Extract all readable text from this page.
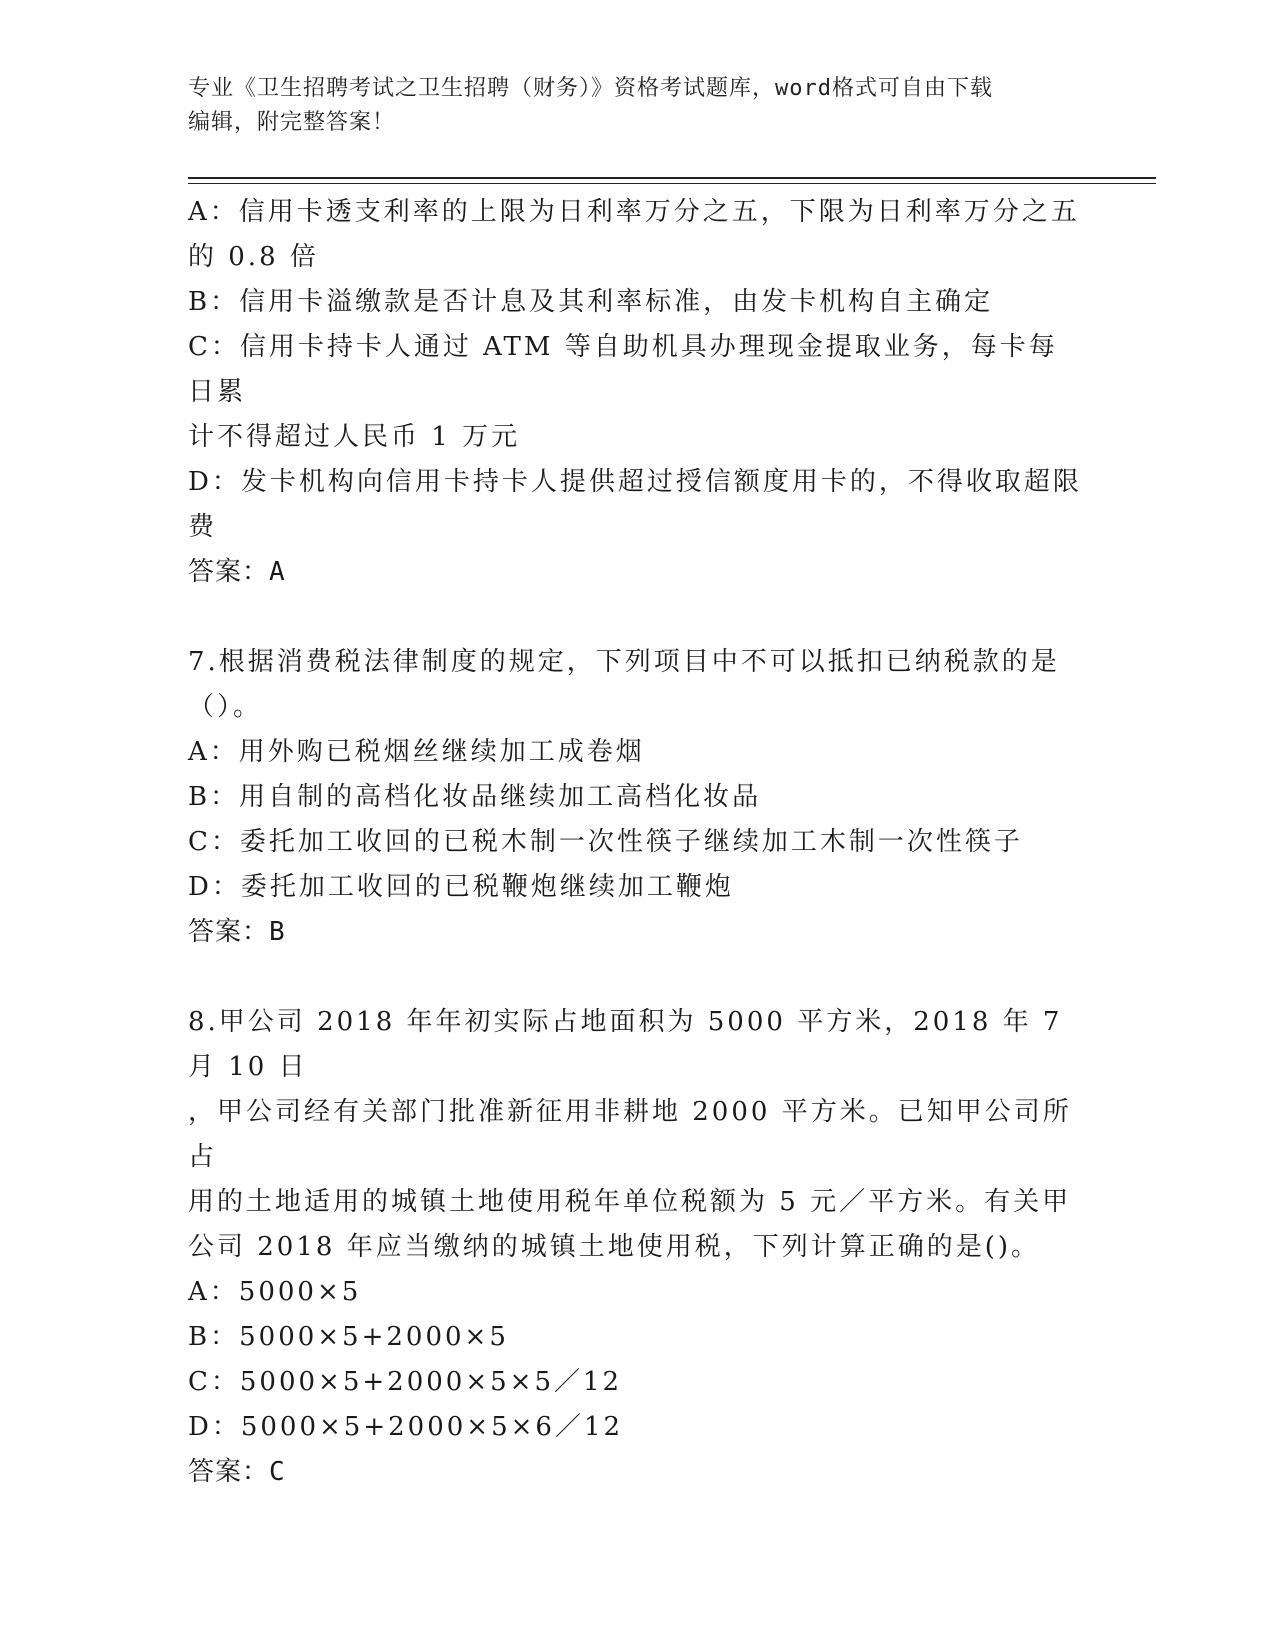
专业《卫生招聘考试之卫生招聘（财务）》资格考试题库，word格式可自由下载
编辑，附完整答案！
A：信用卡透支利率的上限为日利率万分之五，下限为日利率万分之五
的 0.8 倍
B：信用卡溢缴款是否计息及其利率标准，由发卡机构自主确定
C：信用卡持卡人通过 ATM 等自助机具办理现金提取业务，每卡每日累
计不得超过人民币 1 万元
D：发卡机构向信用卡持卡人提供超过授信额度用卡的，不得收取超限
费
答案：A
7.根据消费税法律制度的规定，下列项目中不可以抵扣已纳税款的是
（）。
A：用外购已税烟丝继续加工成卷烟
B：用自制的高档化妆品继续加工高档化妆品
C：委托加工收回的已税木制一次性筷子继续加工木制一次性筷子
D：委托加工收回的已税鞭炮继续加工鞭炮
答案：B
8.甲公司 2018 年年初实际占地面积为 5000 平方米，2018 年 7 月 10 日
，甲公司经有关部门批准新征用非耕地 2000 平方米。已知甲公司所占
用的土地适用的城镇土地使用税年单位税额为 5 元／平方米。有关甲
公司 2018 年应当缴纳的城镇土地使用税，下列计算正确的是()。
A：5000×5
B：5000×5+2000×5
C：5000×5+2000×5×5／12
D：5000×5+2000×5×6／12
答案：C
